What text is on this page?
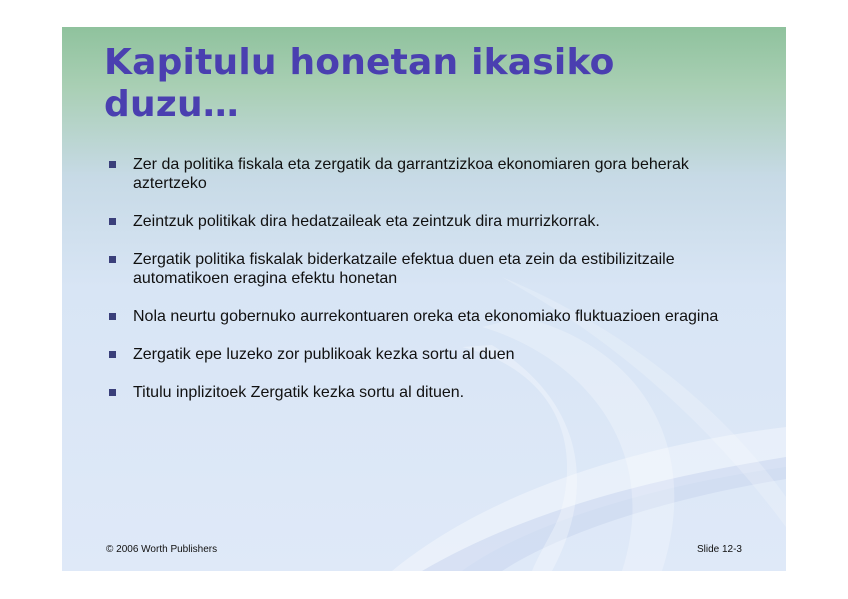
Kapitulu honetan ikasiko duzu…
Zer da politika fiskala eta zergatik da garrantzizkoa ekonomiaren gora beherak aztertzeko
Zeintzuk politikak dira hedatzaileak eta zeintzuk dira murrizkorrak.
Zergatik politika fiskalak biderkatzaile efektua duen eta zein da estibilizitzaile automatikoen eragina efektu honetan
Nola neurtu gobernuko aurrekontuaren oreka eta ekonomiako fluktuazioen eragina
Zergatik epe luzeko zor publikoak kezka sortu al duen
Titulu inplizitoek Zergatik kezka sortu al dituen.
© 2006 Worth Publishers	Slide 12-3
